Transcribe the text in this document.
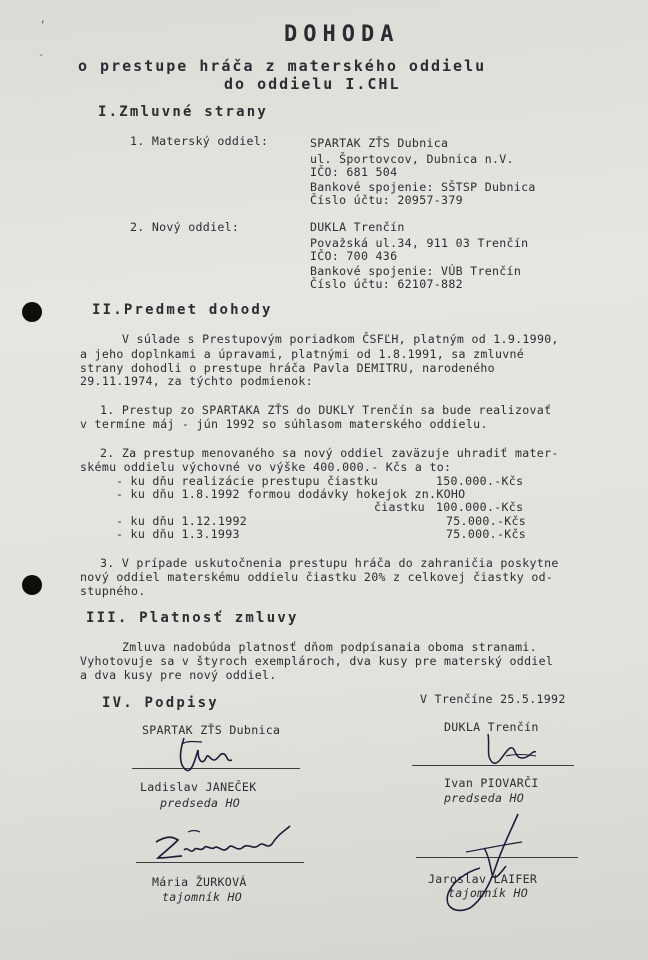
DOHODA
o prestupe hráča z materského oddielu
do oddielu I.CHL
I.Zmluvné strany
1. Materský oddiel:	SPARTAK ZŤS Dubnica
ul. Športovcov, Dubnica n.V.
IČO: 681 504
Bankové spojenie: SŠTSP Dubnica
Číslo účtu: 20957-379
2. Nový oddiel:	DUKLA Trenčín
Považská ul.34, 911 03 Trenčín
IČO: 700 436
Bankové spojenie: VÚB Trenčín
Číslo účtu: 62107-882
II.Predmet dohody
V súlade s Prestupovým poriadkom ČSFĽH, platným od 1.9.1990,
a jeho doplnkami a úpravami, platnými od 1.8.1991, sa zmluvné
strany dohodli o prestupe hráča Pavla DEMITRU, narodeného
29.11.1974, za týchto podmienok:
1. Prestup zo SPARTAKA ZŤS do DUKLY Trenčín sa bude realizovať
v termíne máj - jún 1992 so súhlasom materského oddielu.
2. Za prestup menovaného sa nový oddiel zaväzuje uhradiť mater-
skému oddielu výchovné vo výške 400.000.- Kčs a to:
- ku dňu realizácie prestupu čiastku	150.000.-Kčs
- ku dňu 1.8.1992 formou dodávky hokejok zn.KOHO
čiastku 100.000.-Kčs
- ku dňu 1.12.1992	75.000.-Kčs
- ku dňu 1.3.1993	75.000.-Kčs
3. V prípade uskutočnenia prestupu hráča do zahraničia poskytne
nový oddiel materskému oddielu čiastku 20% z celkovej čiastky od-
stupného.
III. Platnosť zmluvy
Zmluva nadobúda platnosť dňom podpísanaia oboma stranami.
Vyhotovuje sa v štyroch exemplároch, dva kusy pre materský oddiel
a dva kusy pre nový oddiel.
IV. Podpisy	V Trenčíne 25.5.1992
SPARTAK ZŤS Dubnica	DUKLA Trenčín
Ladislav JANEČEK
predseda HO
Ivan PIOVARČI
predseda HO
Mária ŽURKOVÁ
tajomník HO
Jaroslav LAIFER
tajomník HO
,
-
